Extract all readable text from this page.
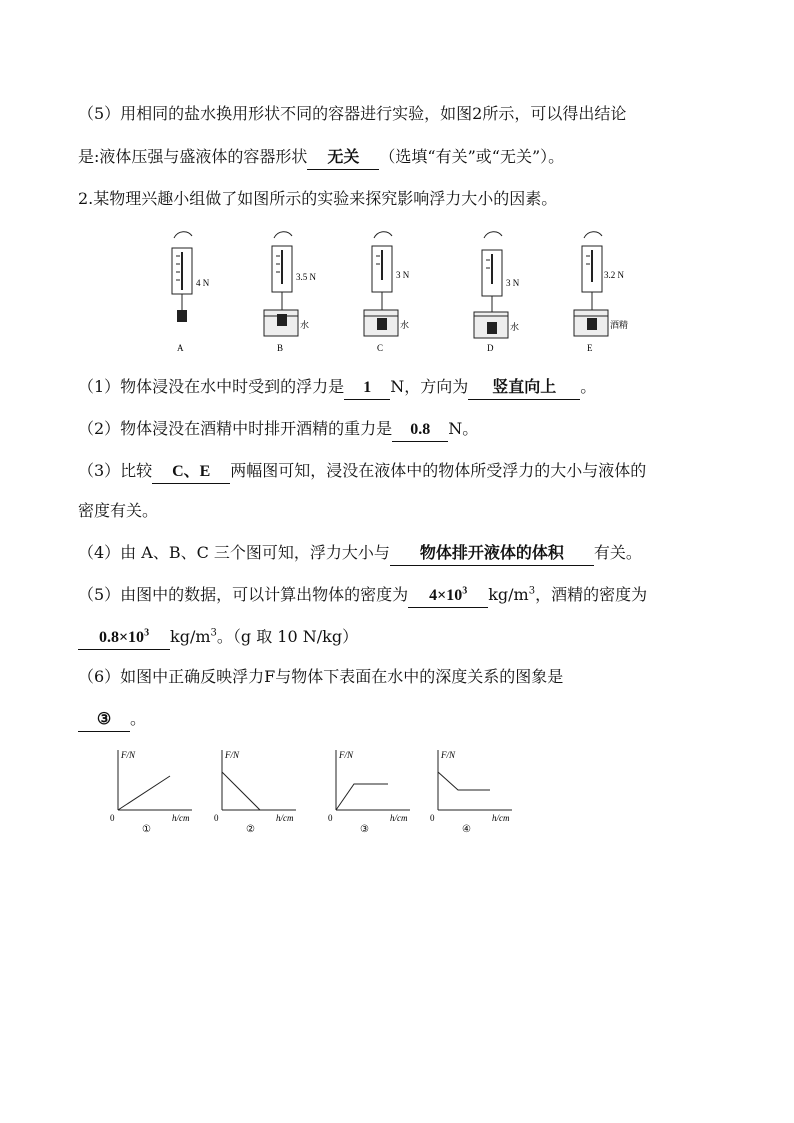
（5）用相同的盐水换用形状不同的容器进行实验，如图2所示，可以得出结论
是:液体压强与盛液体的容器形状 无关 （选填“有关”或“无关”）。
2.某物理兴趣小组做了如图所示的实验来探究影响浮力大小的因素。
4 N
A
3.5 N
水
B
3 N
水
C
3 N
水
D
3.2 N
酒精
E
（1）物体浸没在水中时受到的浮力是 1 N，方向为 竖直向上 。
（2）物体浸没在酒精中时排开酒精的重力是 0.8 N。
（3）比较 C、E 两幅图可知，浸没在液体中的物体所受浮力的大小与液体的
密度有关。
（4）由 A、B、C 三个图可知，浮力大小与 物体排开液体的体积 有关。
（5）由图中的数据，可以计算出物体的密度为 $4\times 10^3$ $kg/m^3$，酒精的密度为
$0.8\times 10^3$ $kg/m^3$。（g 取 10 N/kg）
（6）如图中正确反映浮力F与物体下表面在水中的深度关系的图象是
③ 。
F/N
h/cm
0
①
F/N
h/cm
0
②
F/N
h/cm
0
③
F/N
h/cm
0
④
